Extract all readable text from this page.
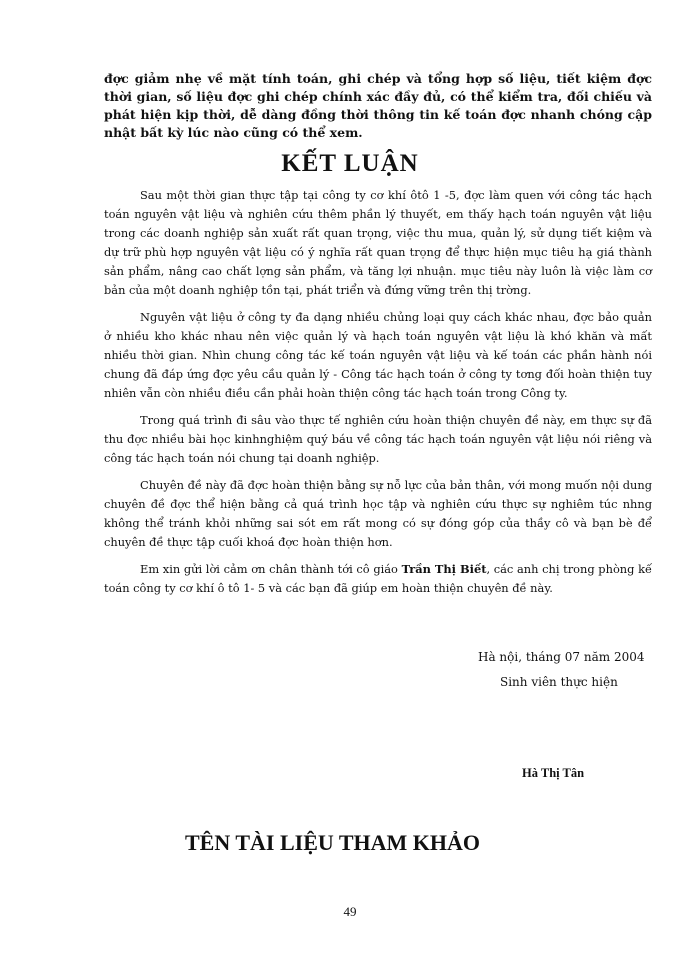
đợc giảm nhẹ về mặt tính toán, ghi chép và tổng hợp số liệu, tiết kiệm đợc thời gian, số liệu đợc ghi chép chính xác đầy đủ, có thể kiểm tra, đối chiếu và phát hiện kịp thời, dễ dàng đồng thời thông tin kế toán đợc nhanh chóng cập nhật bất kỳ lúc nào cũng có thể xem.

KẾT LUẬN

Sau một thời gian thực tập tại công ty cơ khí ôtô 1 -5, đợc làm quen với công tác hạch toán nguyên vật liệu và nghiên cứu thêm phần lý thuyết, em thấy hạch toán nguyên vật liệu trong các doanh nghiệp sản xuất rất quan trọng, việc thu mua, quản lý, sử dụng tiết kiệm và dự trữ phù hợp nguyên vật liệu có ý nghĩa rất quan trọng để thực hiện mục tiêu hạ giá thành sản phẩm, nâng cao chất lợng sản phẩm, và tăng lợi nhuận. mục tiêu này luôn là việc làm cơ bản của một doanh nghiệp tồn tại, phát triển và đứng vững trên thị trờng.

Nguyên vật liệu ở công ty đa dạng nhiều chủng loại quy cách khác nhau, đợc bảo quản ở nhiều kho khác nhau nên việc quản lý và hạch toán nguyên vật liệu là khó khăn và mất nhiều thời gian. Nhìn chung công tác kế toán nguyên vật liệu và kế toán các phần hành nói chung đã đáp ứng đợc yêu cầu quản lý - Công tác hạch toán ở công ty tơng đối hoàn thiện tuy nhiên vẫn còn nhiều điều cần phải hoàn thiện công tác hạch toán trong Công ty.

Trong quá trình đi sâu vào thực tế nghiên cứu hoàn thiện chuyên đề này, em thực sự đã thu đợc nhiều bài học kinhnghiệm quý báu về công tác hạch toán nguyên vật liệu nói riêng và công tác hạch toán nói chung tại doanh nghiệp.

Chuyên đề này đã đợc hoàn thiện bằng sự nỗ lực của bản thân, với mong muốn nội dung chuyên đề đợc thể hiện bằng cả quá trình học tập và nghiên cứu thực sự nghiêm túc nhng không thể tránh khỏi những sai sót em rất mong có sự đóng góp của thầy cô và bạn bè để chuyên đề thực tập cuối khoá đợc hoàn thiện hơn.

Em xin gửi lời cảm ơn chân thành tới cô giáo Trần Thị Biết, các anh chị trong phòng kế toán công ty cơ khí ô tô 1- 5 và các bạn đã giúp em hoàn thiện chuyên đề này.

Hà nội, tháng 07 năm 2004

Sinh viên thực hiện

Hà Thị Tân

TÊN TÀI LIỆU THAM KHẢO

49
